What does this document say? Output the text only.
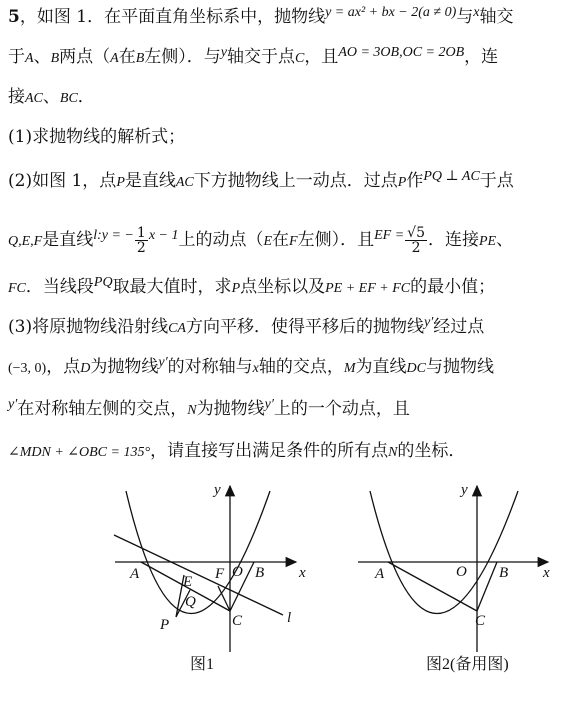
5，如图 1．在平面直角坐标系中，抛物线$^{y = ax^2 + bx - 2(a \ne 0)}$与$^x$轴交
于A、B两点（A在B左侧）．与$^y$轴交于点C，且$^{AO = 3OB,OC = 2OB}$，连
接AC、BC．
(1)求抛物线的解析式；
(2)如图 1，点P是直线AC下方抛物线上一动点．过点P作$^{PQ \perp AC}$于点
Q,E,F是直线$^{l:y = -} \frac{1}{2} ^{x - 1}$上的动点（E在F左侧）．且$^{EF =} \frac{√5}{2}$ ．连接PE、
FC．当线段$^{PQ}$取最大值时，求P点坐标以及PE + EF + FC的最小值；
(3)将原抛物线沿射线CA方向平移．使得平移后的抛物线$^{y'}$经过点
(−3, 0)，点D为抛物线$^{y'}$的对称轴与x轴的交点，M为直线DC与抛物线
$^{y'}$在对称轴左侧的交点，N为抛物线$^{y'}$上的一个动点，且
∠MDN + ∠OBC = 135°，请直接写出满足条件的所有点N的坐标．
x
y
A	O B
F
E
Q
P	C	l
图1
x
y
A	O B
C
图2(备用图)
